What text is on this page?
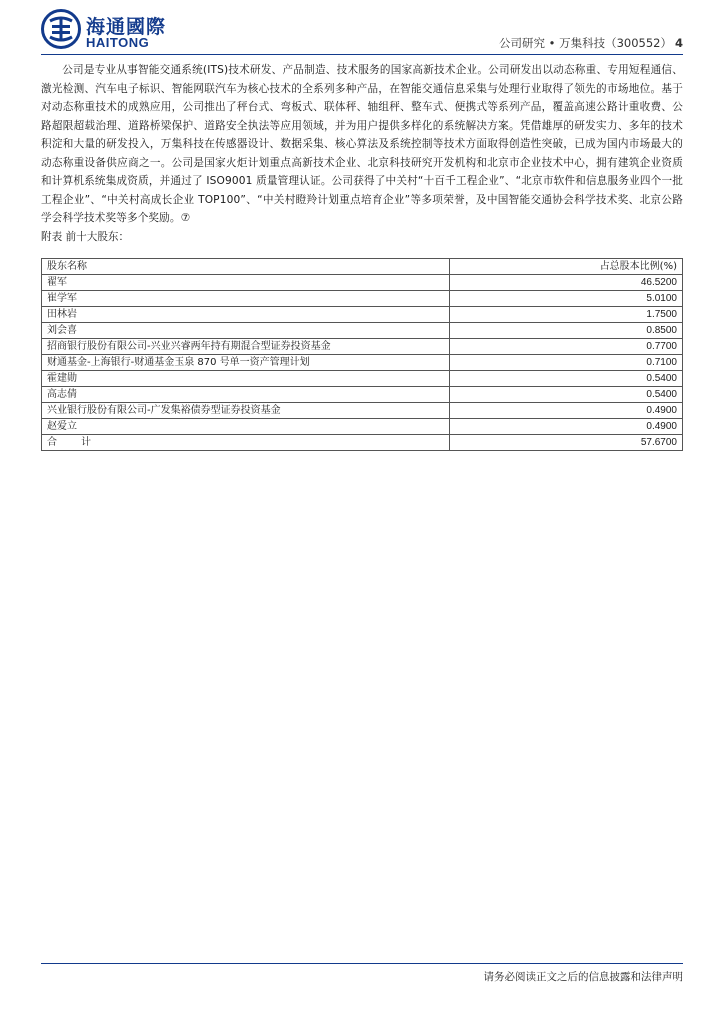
海通國際
HAITONG	公司研究 • 万集科技（300552） 4
公司是专业从事智能交通系统(ITS)技术研发、产品制造、技术服务的国家高新技术企业。公司研发出以动态称重、专用短程通信、激光检测、汽车电子标识、智能网联汽车为核心技术的全系列多种产品，在智能交通信息采集与处理行业取得了领先的市场地位。基于对动态称重技术的成熟应用，公司推出了秤台式、弯板式、联体秤、轴组秤、整车式、便携式等系列产品，覆盖高速公路计重收费、公路超限超载治理、道路桥梁保护、道路安全执法等应用领域，并为用户提供多样化的系统解决方案。凭借雄厚的研发实力、多年的技术积淀和大量的研发投入，万集科技在传感器设计、数据采集、核心算法及系统控制等技术方面取得创造性突破，已成为国内市场最大的动态称重设备供应商之一。公司是国家火炬计划重点高新技术企业、北京科技研究开发机构和北京市企业技术中心，拥有建筑企业资质和计算机系统集成资质，并通过了 ISO9001 质量管理认证。公司获得了中关村“十百千工程企业”、“北京市软件和信息服务业四个一批工程企业”、“中关村高成长企业 TOP100”、“中关村瞪羚计划重点培育企业”等多项荣誉，及中国智能交通协会科学技术奖、北京公路学会科学技术奖等多个奖励。⑦
附表 前十大股东：
股东名称	占总股本比例(%)
翟军	46.5200
崔学军	5.0100
田林岩	1.7500
刘会喜	0.8500
招商银行股份有限公司-兴业兴睿两年持有期混合型证券投资基金	0.7700
财通基金-上海银行-财通基金玉泉 870 号单一资产管理计划	0.7100
霍建勋	0.5400
高志倩	0.5400
兴业银行股份有限公司-广发集裕债券型证券投资基金	0.4900
赵爱立	0.4900
合计	57.6700
请务必阅读正文之后的信息披露和法律声明
